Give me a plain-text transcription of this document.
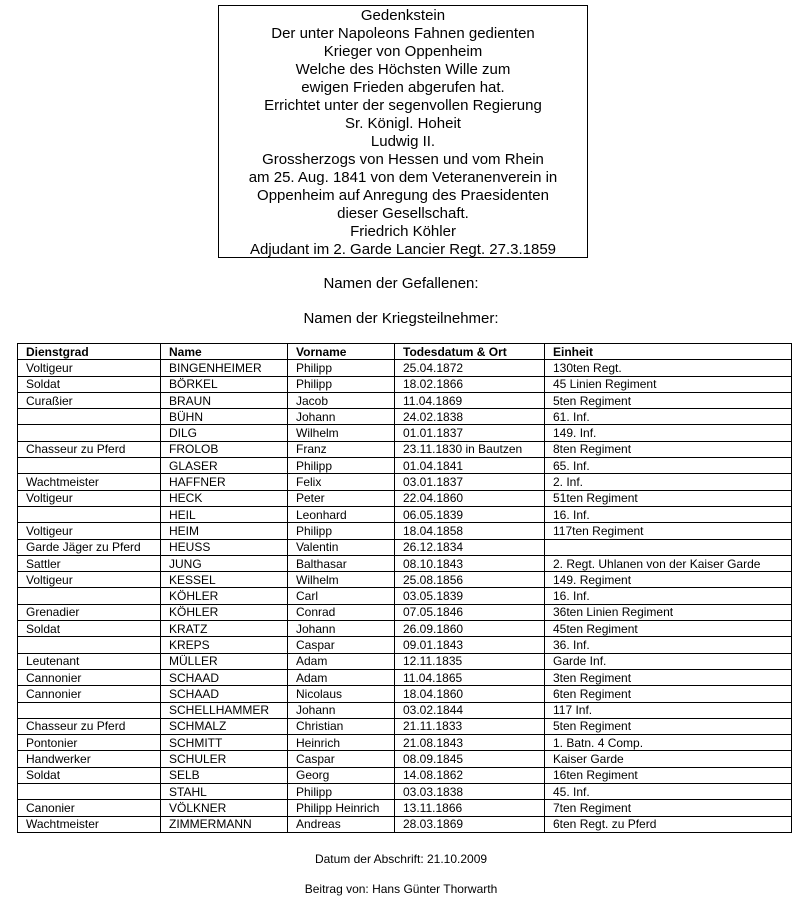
Gedenkstein
Der unter Napoleons Fahnen gedienten
Krieger von Oppenheim
Welche des Höchsten Wille zum
ewigen Frieden abgerufen hat.
Errichtet unter der segenvollen Regierung
Sr. Königl. Hoheit
Ludwig II.
Grossherzogs von Hessen und vom Rhein
am 25. Aug. 1841 von dem Veteranenverein in
Oppenheim auf Anregung des Praesidenten
dieser Gesellschaft.
Friedrich Köhler
Adjudant im 2. Garde Lancier Regt. 27.3.1859
Namen der Gefallenen:
Namen der Kriegsteilnehmer:
Dienstgrad	Name	Vorname	Todesdatum & Ort	Einheit
Voltigeur	BINGENHEIMER	Philipp	25.04.1872	130ten Regt.
Soldat	BÖRKEL	Philipp	18.02.1866	45 Linien Regiment
Curaßier	BRAUN	Jacob	11.04.1869	5ten Regiment
	BÜHN	Johann	24.02.1838	61. Inf.
	DILG	Wilhelm	01.01.1837	149. Inf.
Chasseur zu Pferd	FROLOB	Franz	23.11.1830 in Bautzen	8ten Regiment
	GLASER	Philipp	01.04.1841	65. Inf.
Wachtmeister	HAFFNER	Felix	03.01.1837	2. Inf.
Voltigeur	HECK	Peter	22.04.1860	51ten Regiment
	HEIL	Leonhard	06.05.1839	16. Inf.
Voltigeur	HEIM	Philipp	18.04.1858	117ten Regiment
Garde Jäger zu Pferd	HEUSS	Valentin	26.12.1834	
Sattler	JUNG	Balthasar	08.10.1843	2. Regt. Uhlanen von der Kaiser Garde
Voltigeur	KESSEL	Wilhelm	25.08.1856	149. Regiment
	KÖHLER	Carl	03.05.1839	16. Inf.
Grenadier	KÖHLER	Conrad	07.05.1846	36ten Linien Regiment
Soldat	KRATZ	Johann	26.09.1860	45ten Regiment
	KREPS	Caspar	09.01.1843	36. Inf.
Leutenant	MÜLLER	Adam	12.11.1835	Garde Inf.
Cannonier	SCHAAD	Adam	11.04.1865	3ten Regiment
Cannonier	SCHAAD	Nicolaus	18.04.1860	6ten Regiment
	SCHELLHAMMER	Johann	03.02.1844	117 Inf.
Chasseur zu Pferd	SCHMALZ	Christian	21.11.1833	5ten Regiment
Pontonier	SCHMITT	Heinrich	21.08.1843	1. Batn. 4 Comp.
Handwerker	SCHULER	Caspar	08.09.1845	Kaiser Garde
Soldat	SELB	Georg	14.08.1862	16ten Regiment
	STAHL	Philipp	03.03.1838	45. Inf.
Canonier	VÖLKNER	Philipp Heinrich	13.11.1866	7ten Regiment
Wachtmeister	ZIMMERMANN	Andreas	28.03.1869	6ten Regt. zu Pferd
Datum der Abschrift: 21.10.2009
Beitrag von: Hans Günter Thorwarth
